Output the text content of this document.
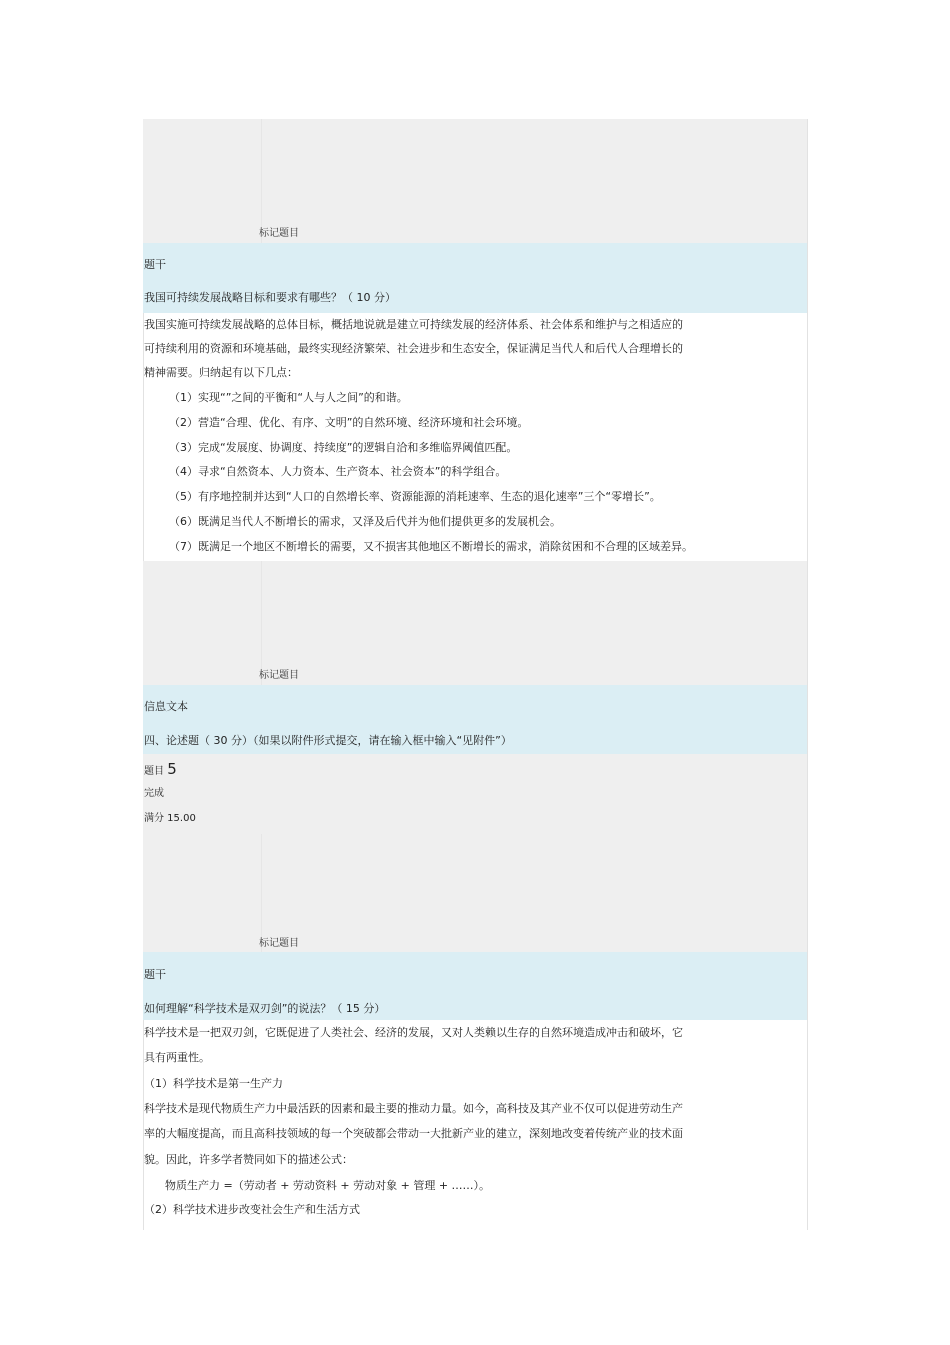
标记题目
题干
我国可持续发展战略目标和要求有哪些？（ 10 分）
我国实施可持续发展战略的总体目标，概括地说就是建立可持续发展的经济体系、社会体系和维护与之相适应的
可持续利用的资源和环境基础，最终实现经济繁荣、社会进步和生态安全，保证满足当代人和后代人合理增长的
精神需要。归纳起有以下几点：
（1）实现“”之间的平衡和“人与人之间”的和谐。
（2）营造“合理、优化、有序、文明”的自然环境、经济环境和社会环境。
（3）完成“发展度、协调度、持续度”的逻辑自洽和多维临界阈值匹配。
（4）寻求“自然资本、人力资本、生产资本、社会资本”的科学组合。
（5）有序地控制并达到“人口的自然增长率、资源能源的消耗速率、生态的退化速率”三个“零增长”。
（6）既满足当代人不断增长的需求，又泽及后代并为他们提供更多的发展机会。
（7）既满足一个地区不断增长的需要，又不损害其他地区不断增长的需求，消除贫困和不合理的区域差异。
标记题目
信息文本
四、论述题（ 30 分）（如果以附件形式提交，请在输入框中输入“见附件”）
题目 5
完成
满分 15.00
标记题目
题干
如何理解“科学技术是双刃剑”的说法？（ 15 分）
科学技术是一把双刃剑，它既促进了人类社会、经济的发展，又对人类赖以生存的自然环境造成冲击和破坏，它
具有两重性。
（1）科学技术是第一生产力
科学技术是现代物质生产力中最活跃的因素和最主要的推动力量。如今，高科技及其产业不仅可以促进劳动生产
率的大幅度提高，而且高科技领域的每一个突破都会带动一大批新产业的建立，深刻地改变着传统产业的技术面
貌。因此，许多学者赞同如下的描述公式：
物质生产力 =（劳动者 + 劳动资料 + 劳动对象 + 管理 + ……）。
（2）科学技术进步改变社会生产和生活方式
